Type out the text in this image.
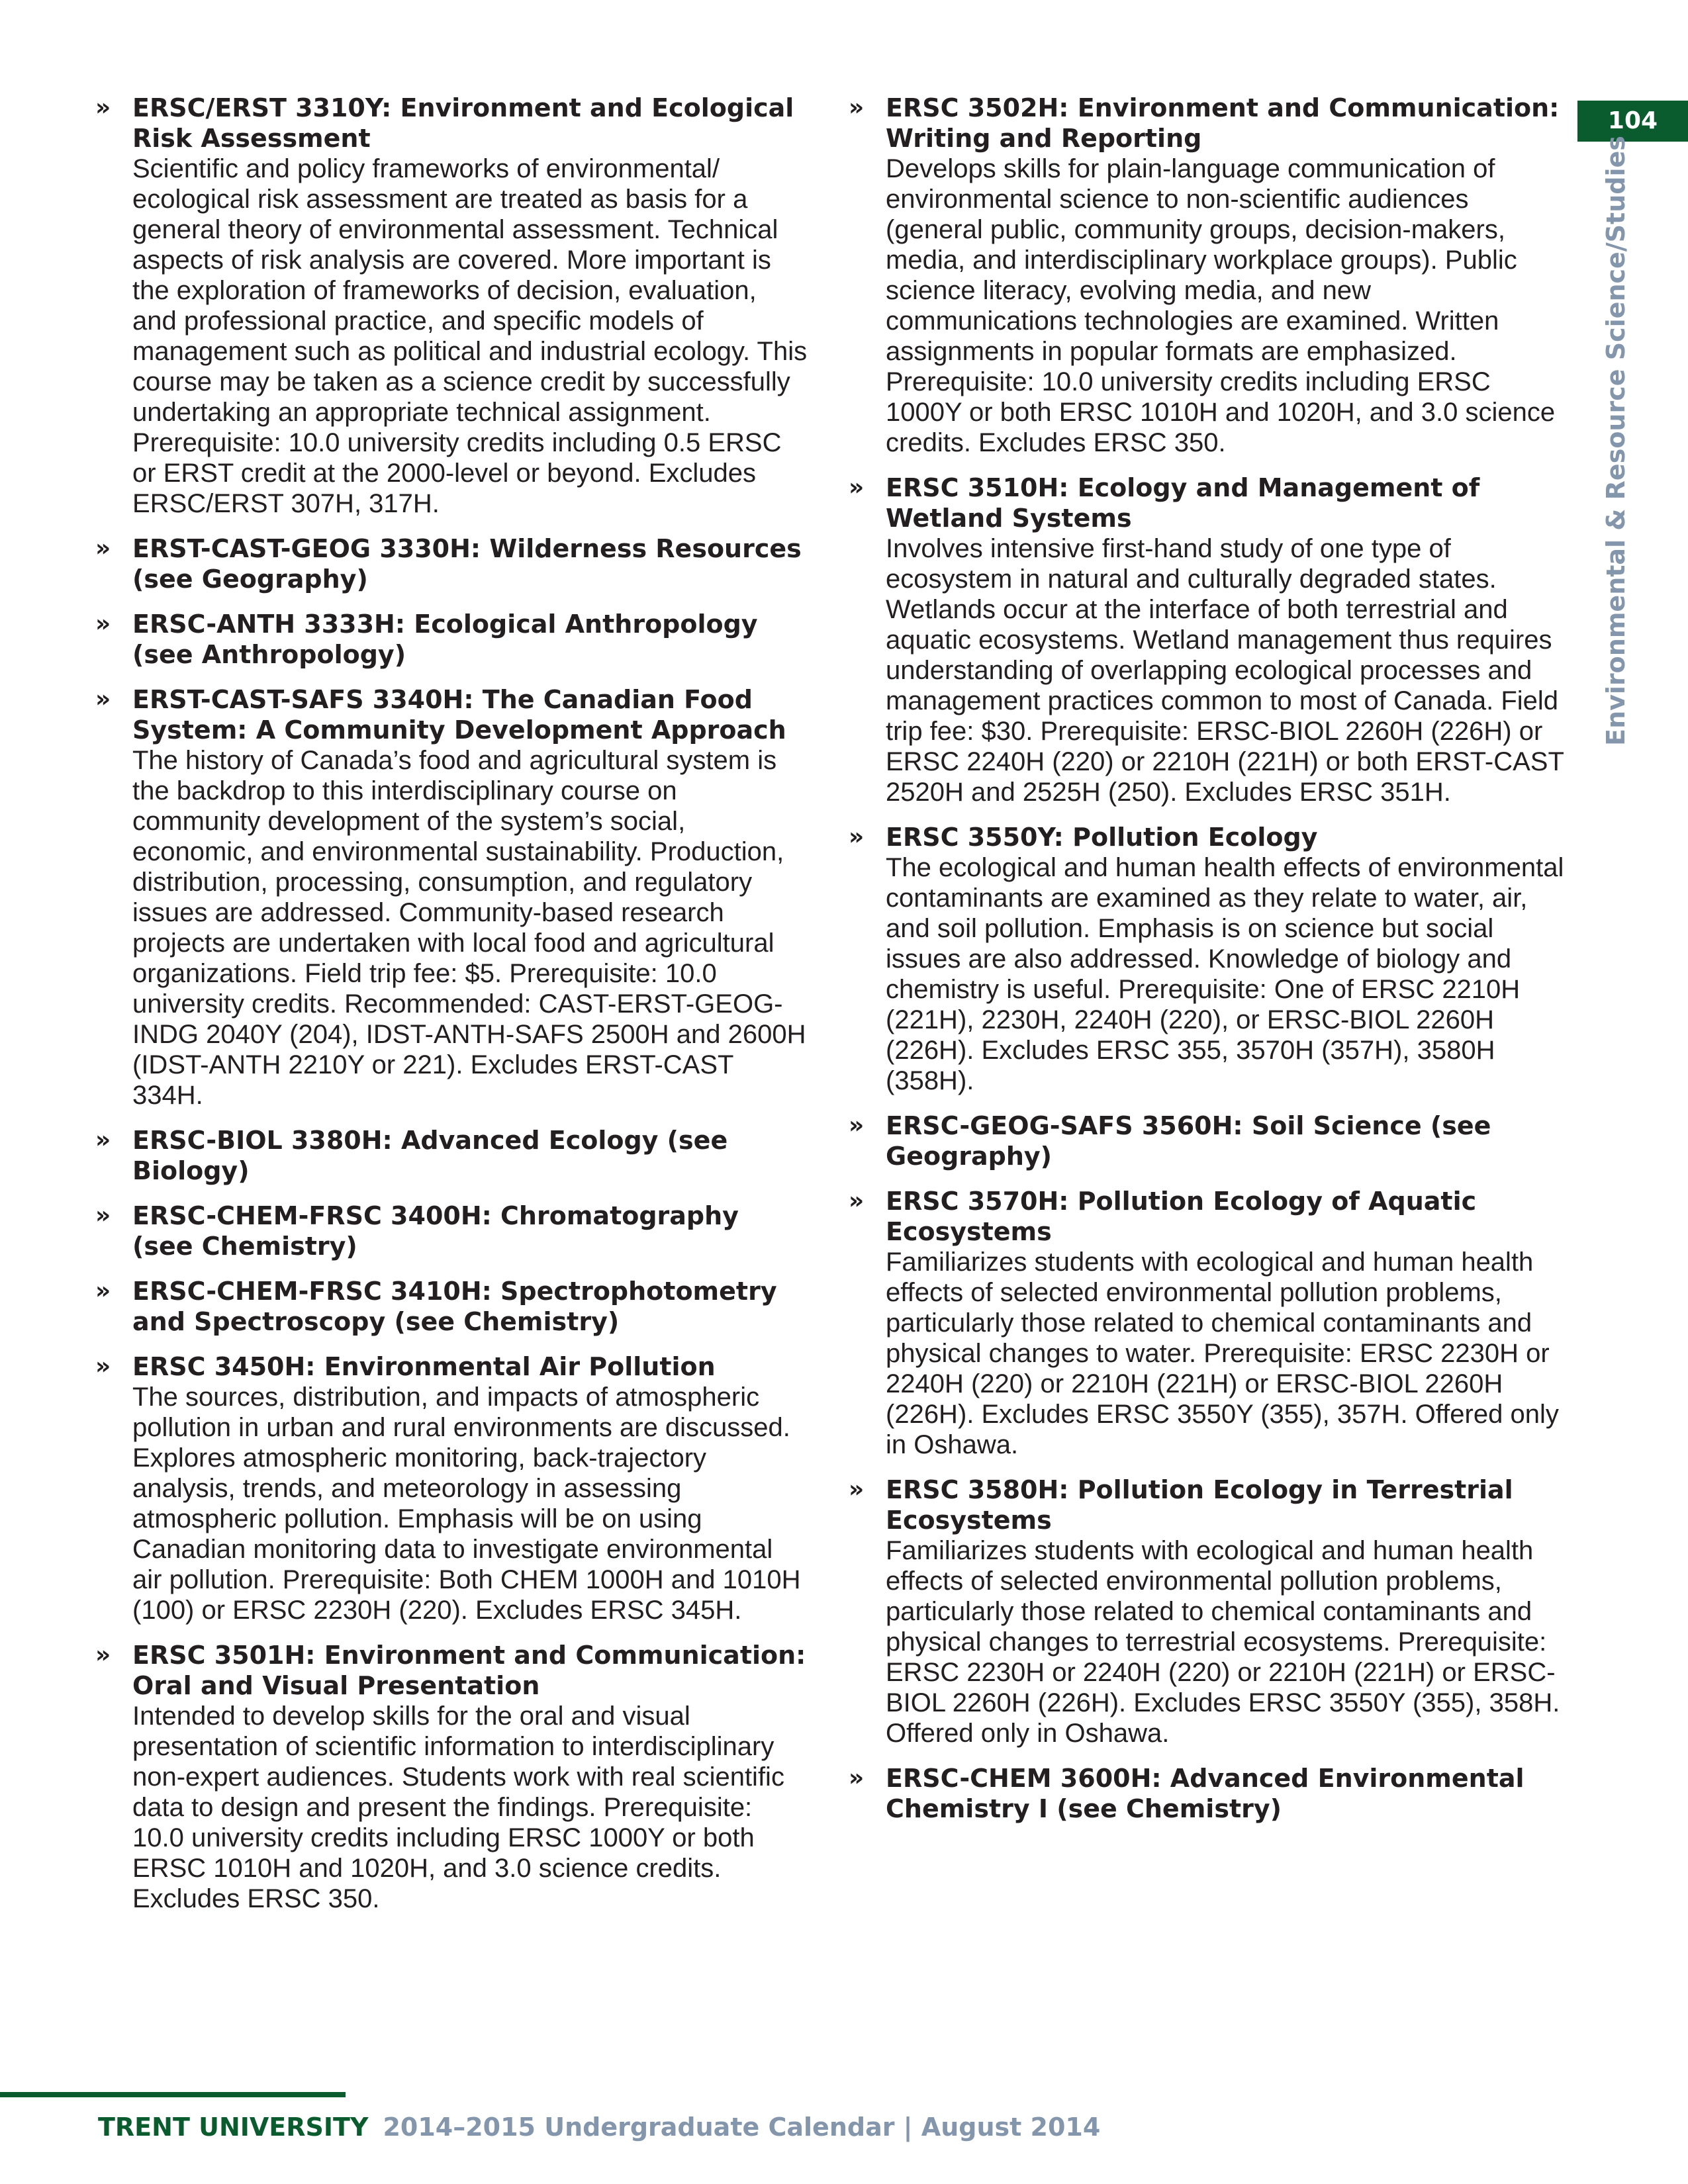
104
Environmental & Resource Science/Studies
» ERSC/ERST 3310Y: Environment and Ecological Risk Assessment
Scientific and policy frameworks of environmental/ ecological risk assessment are treated as basis for a general theory of environmental assessment. Technical aspects of risk analysis are covered. More important is the exploration of frameworks of decision, evaluation, and professional practice, and specific models of management such as political and industrial ecology. This course may be taken as a science credit by successfully undertaking an appropriate technical assignment. Prerequisite: 10.0 university credits including 0.5 ERSC or ERST credit at the 2000-level or beyond. Excludes ERSC/ERST 307H, 317H.
» ERST-CAST-GEOG 3330H: Wilderness Resources (see Geography)
» ERSC-ANTH 3333H: Ecological Anthropology (see Anthropology)
» ERST-CAST-SAFS 3340H: The Canadian Food System: A Community Development Approach
The history of Canada’s food and agricultural system is the backdrop to this interdisciplinary course on community development of the system’s social, economic, and environmental sustainability. Production, distribution, processing, consumption, and regulatory issues are addressed. Community-based research projects are undertaken with local food and agricultural organizations. Field trip fee: $5. Prerequisite: 10.0 university credits. Recommended: CAST-ERST-GEOG-INDG 2040Y (204), IDST-ANTH-SAFS 2500H and 2600H (IDST-ANTH 2210Y or 221). Excludes ERST-CAST 334H.
» ERSC-BIOL 3380H: Advanced Ecology (see Biology)
» ERSC-CHEM-FRSC 3400H: Chromatography (see Chemistry)
» ERSC-CHEM-FRSC 3410H: Spectrophotometry and Spectroscopy (see Chemistry)
» ERSC 3450H: Environmental Air Pollution
The sources, distribution, and impacts of atmospheric pollution in urban and rural environments are discussed. Explores atmospheric monitoring, back-trajectory analysis, trends, and meteorology in assessing atmospheric pollution. Emphasis will be on using Canadian monitoring data to investigate environmental air pollution. Prerequisite: Both CHEM 1000H and 1010H (100) or ERSC 2230H (220). Excludes ERSC 345H.
» ERSC 3501H: Environment and Communication: Oral and Visual Presentation
Intended to develop skills for the oral and visual presentation of scientific information to interdisciplinary non-expert audiences. Students work with real scientific data to design and present the findings. Prerequisite: 10.0 university credits including ERSC 1000Y or both ERSC 1010H and 1020H, and 3.0 science credits. Excludes ERSC 350.
» ERSC 3502H: Environment and Communication: Writing and Reporting
Develops skills for plain-language communication of environmental science to non-scientific audiences (general public, community groups, decision-makers, media, and interdisciplinary workplace groups). Public science literacy, evolving media, and new communications technologies are examined. Written assignments in popular formats are emphasized. Prerequisite: 10.0 university credits including ERSC 1000Y or both ERSC 1010H and 1020H, and 3.0 science credits. Excludes ERSC 350.
» ERSC 3510H: Ecology and Management of Wetland Systems
Involves intensive first-hand study of one type of ecosystem in natural and culturally degraded states. Wetlands occur at the interface of both terrestrial and aquatic ecosystems. Wetland management thus requires understanding of overlapping ecological processes and management practices common to most of Canada. Field trip fee: $30. Prerequisite: ERSC-BIOL 2260H (226H) or ERSC 2240H (220) or 2210H (221H) or both ERST-CAST 2520H and 2525H (250). Excludes ERSC 351H.
» ERSC 3550Y: Pollution Ecology
The ecological and human health effects of environmental contaminants are examined as they relate to water, air, and soil pollution. Emphasis is on science but social issues are also addressed. Knowledge of biology and chemistry is useful. Prerequisite: One of ERSC 2210H (221H), 2230H, 2240H (220), or ERSC-BIOL 2260H (226H). Excludes ERSC 355, 3570H (357H), 3580H (358H).
» ERSC-GEOG-SAFS 3560H: Soil Science (see Geography)
» ERSC 3570H: Pollution Ecology of Aquatic Ecosystems
Familiarizes students with ecological and human health effects of selected environmental pollution problems, particularly those related to chemical contaminants and physical changes to water. Prerequisite: ERSC 2230H or 2240H (220) or 2210H (221H) or ERSC-BIOL 2260H (226H). Excludes ERSC 3550Y (355), 357H. Offered only in Oshawa.
» ERSC 3580H: Pollution Ecology in Terrestrial Ecosystems
Familiarizes students with ecological and human health effects of selected environmental pollution problems, particularly those related to chemical contaminants and physical changes to terrestrial ecosystems. Prerequisite: ERSC 2230H or 2240H (220) or 2210H (221H) or ERSC-BIOL 2260H (226H). Excludes ERSC 3550Y (355), 358H. Offered only in Oshawa.
» ERSC-CHEM 3600H: Advanced Environmental Chemistry I (see Chemistry)
TRENT UNIVERSITY 2014–2015 Undergraduate Calendar | August 2014
